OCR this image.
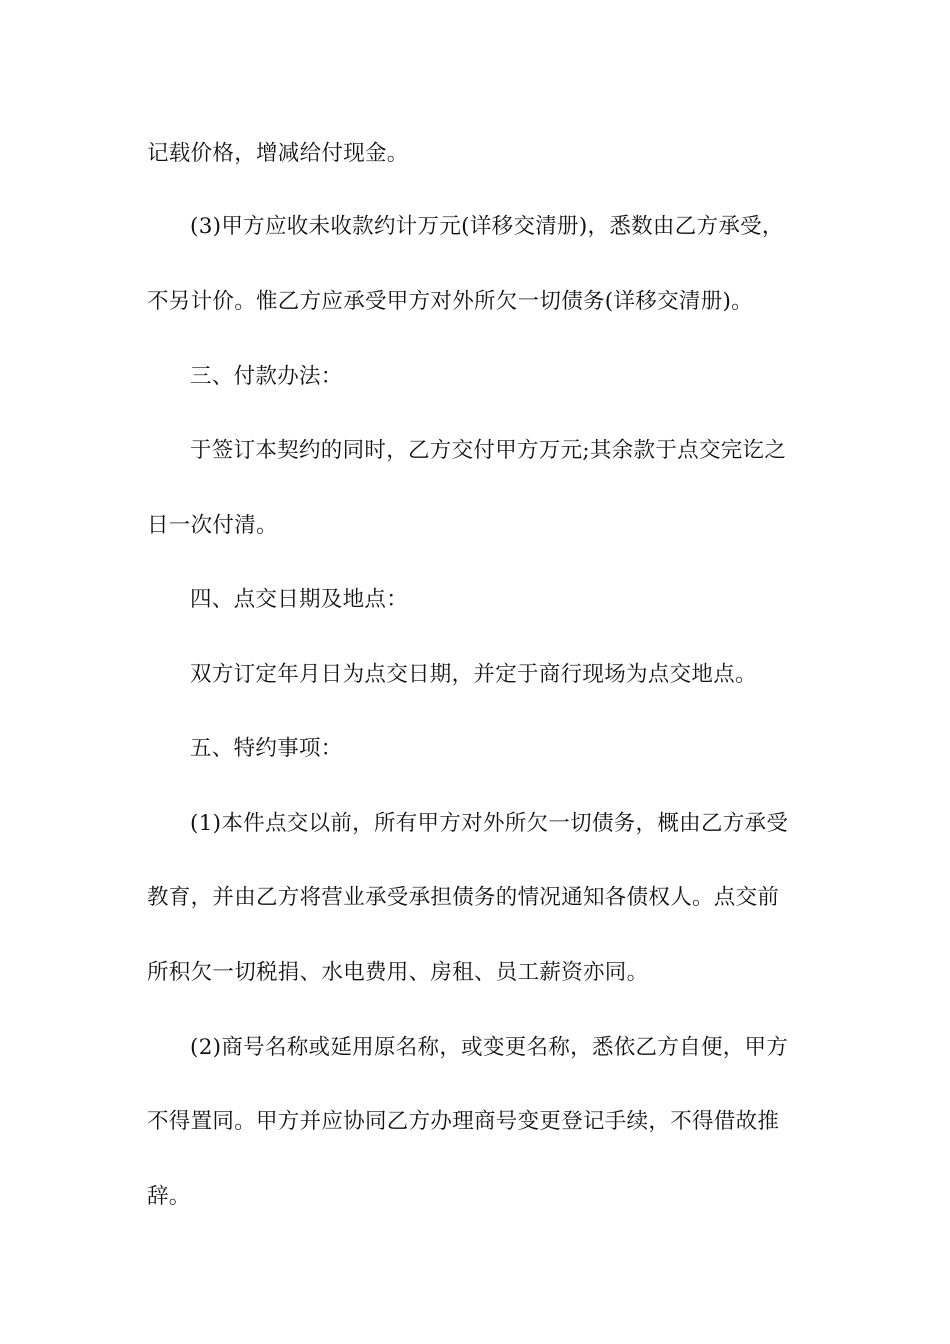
记载价格，增减给付现金。
(3)甲方应收未收款约计万元(详移交清册)，悉数由乙方承受，
不另计价。惟乙方应承受甲方对外所欠一切债务(详移交清册)。
三、付款办法：
于签订本契约的同时，乙方交付甲方万元;其余款于点交完讫之
日一次付清。
四、点交日期及地点：
双方订定年月日为点交日期，并定于商行现场为点交地点。
五、特约事项：
(1)本件点交以前，所有甲方对外所欠一切债务，概由乙方承受
教育，并由乙方将营业承受承担债务的情况通知各债权人。点交前
所积欠一切税捐、水电费用、房租、员工薪资亦同。
(2)商号名称或延用原名称，或变更名称，悉依乙方自便，甲方
不得置同。甲方并应协同乙方办理商号变更登记手续，不得借故推
辞。
